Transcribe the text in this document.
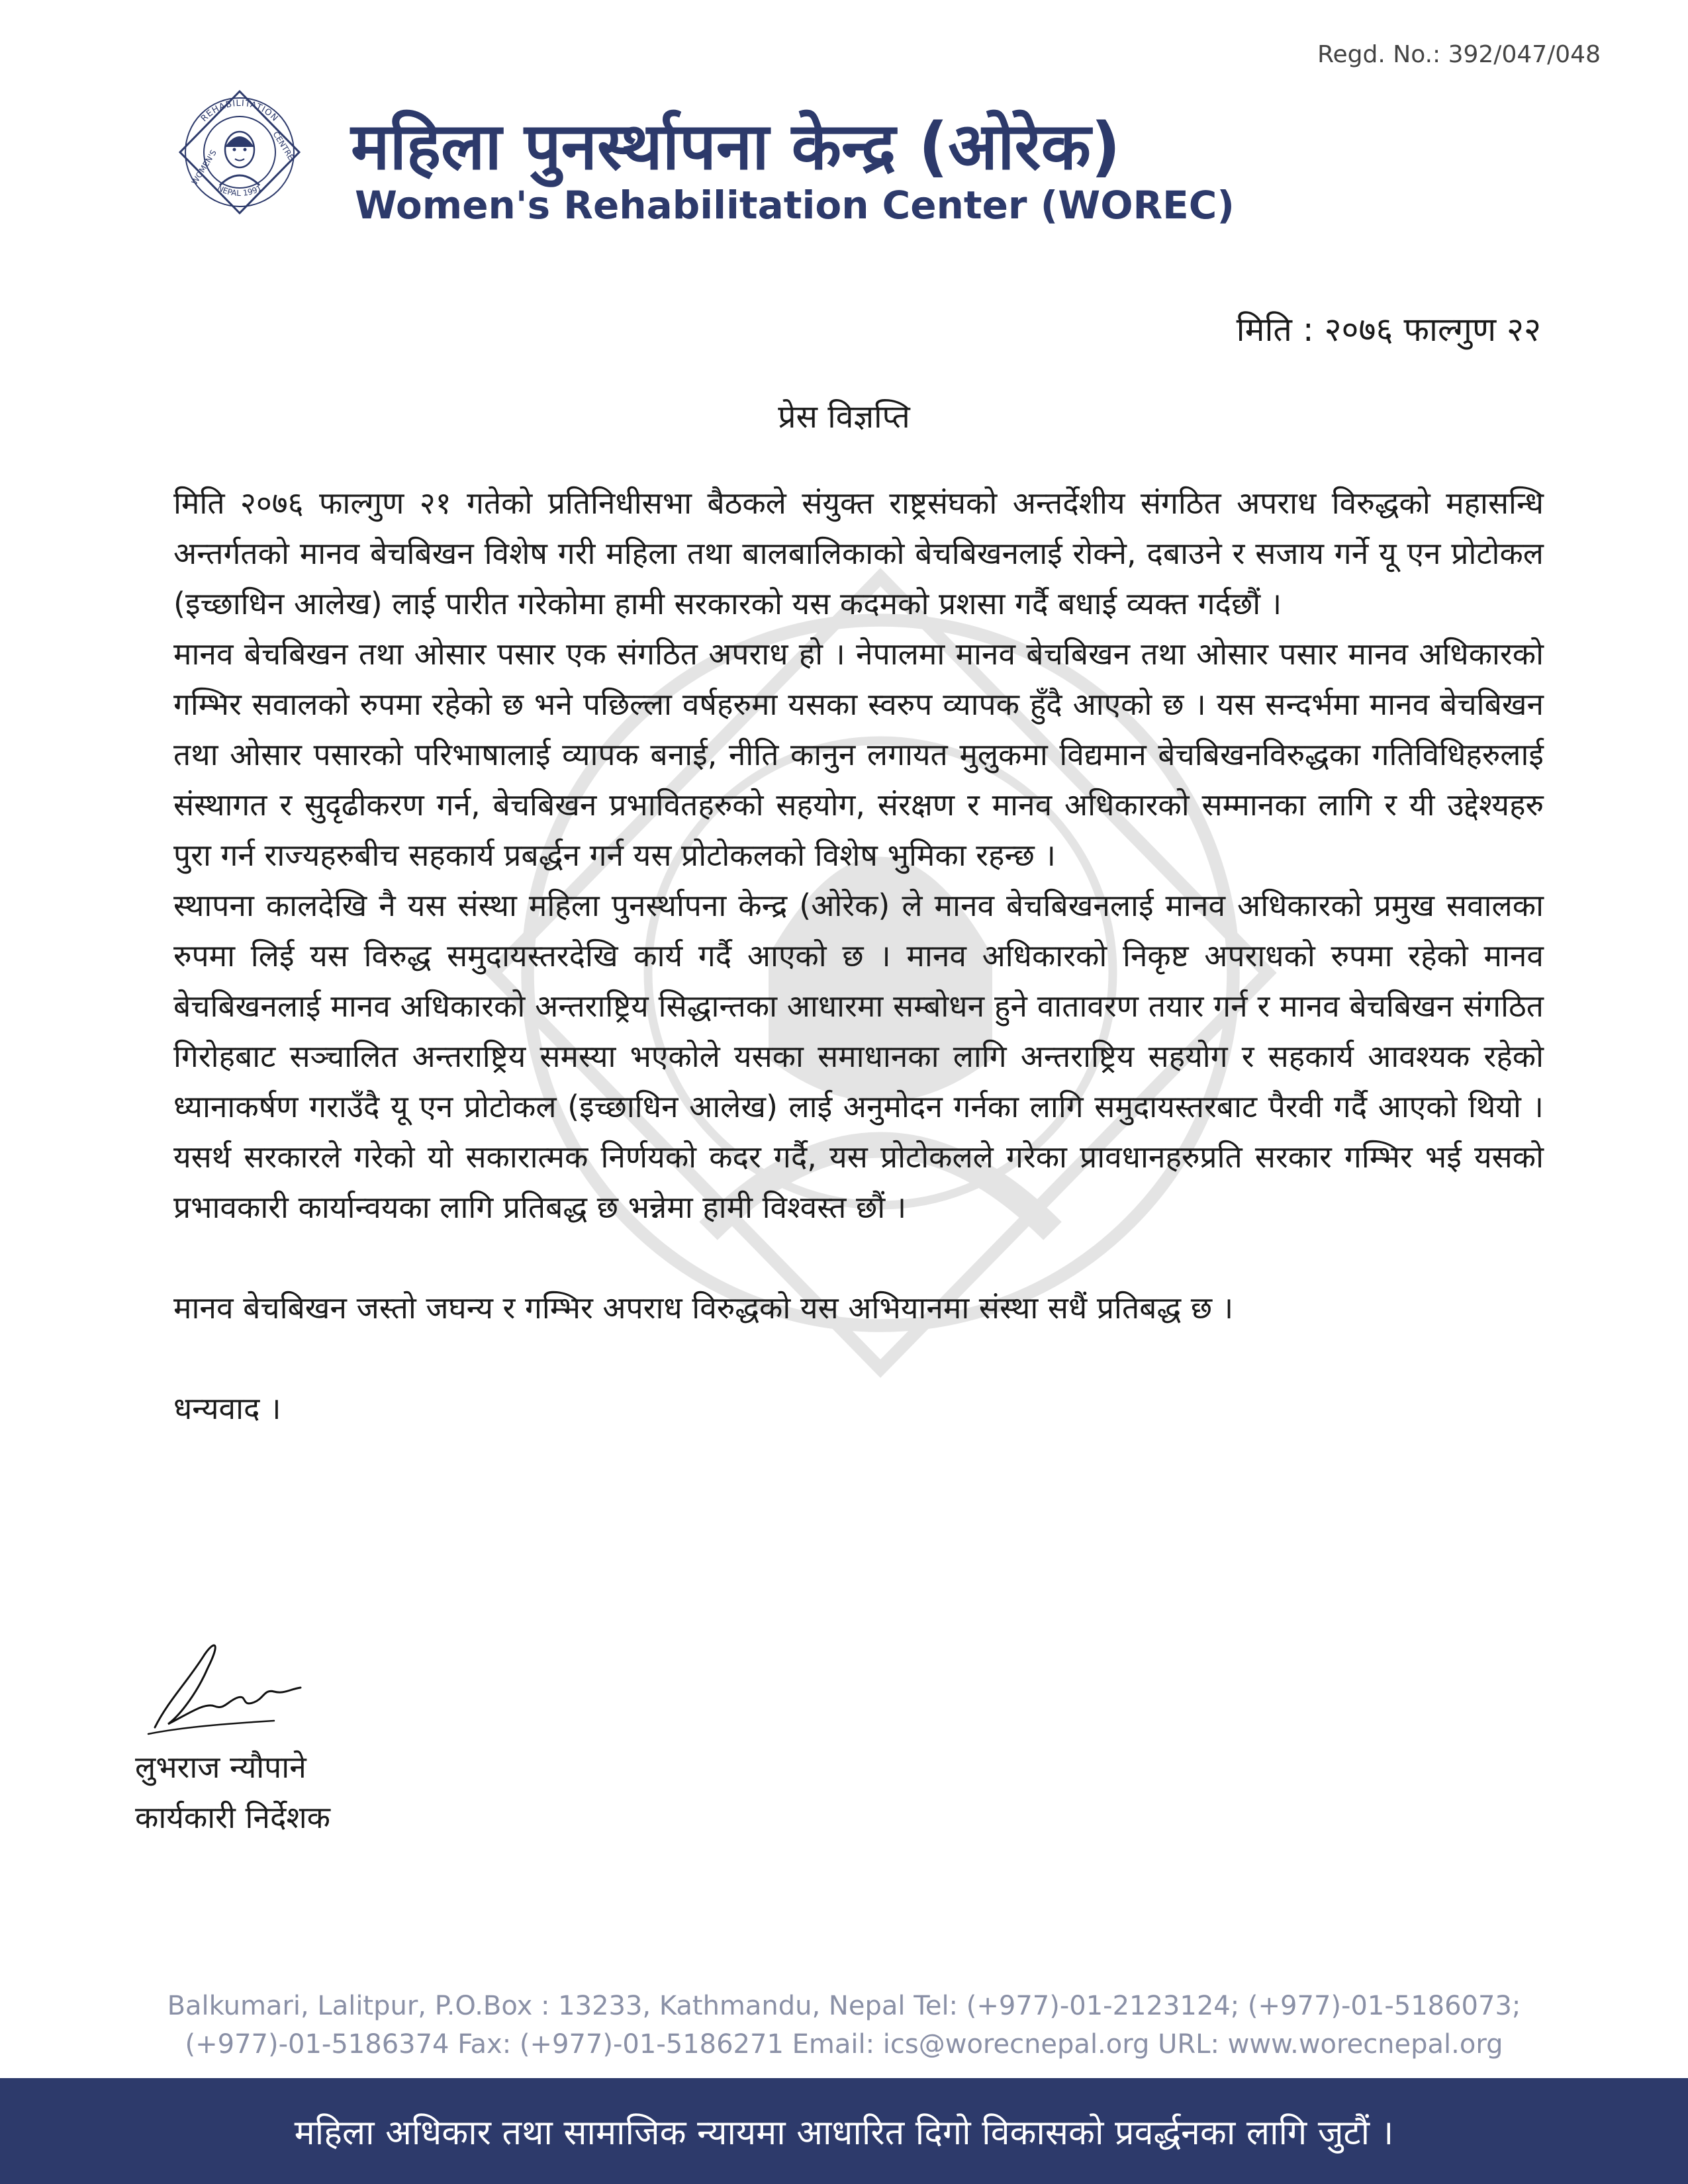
Regd. No.: 392/047/048
REHABILITATION
NEPAL 1991
WOMEN'S
CENTRE महिला पुनर्स्थापना केन्द्र (ओरेक)
Women's Rehabilitation Center (WOREC)
मिति : २०७६ फाल्गुण २२
प्रेस विज्ञप्ति

मिति २०७६ फाल्गुण २१ गतेको प्रतिनिधीसभा बैठकले संयुक्त राष्ट्रसंघको अन्तर्देशीय संगठित अपराध विरुद्धको महासन्धि अन्तर्गतको मानव बेचबिखन विशेष गरी महिला तथा बालबालिकाको बेचबिखनलाई रोक्ने, दबाउने र सजाय गर्ने यू एन प्रोटोकल (इच्छाधिन आलेख) लाई पारीत गरेकोमा हामी सरकारको यस कदमको प्रशसा गर्दै बधाई व्यक्त गर्दछौं ।

मानव बेचबिखन तथा ओसार पसार एक संगठित अपराध हो । नेपालमा मानव बेचबिखन तथा ओसार पसार मानव अधिकारको गम्भिर सवालको रुपमा रहेको छ भने पछिल्ला वर्षहरुमा यसका स्वरुप व्यापक हुँदै आएको छ । यस सन्दर्भमा मानव बेचबिखन तथा ओसार पसारको परिभाषालाई व्यापक बनाई, नीति कानुन लगायत मुलुकमा विद्यमान बेचबिखनविरुद्धका गतिविधिहरुलाई संस्थागत र सुदृढीकरण गर्न, बेचबिखन प्रभावितहरुको सहयोग, संरक्षण र मानव अधिकारको सम्मानका लागि र यी उद्देश्यहरु पुरा गर्न राज्यहरुबीच सहकार्य प्रबर्द्धन गर्न यस प्रोटोकलको विशेष भुमिका रहन्छ ।

स्थापना कालदेखि नै यस संस्था महिला पुनर्स्थापना केन्द्र (ओरेक) ले मानव बेचबिखनलाई मानव अधिकारको प्रमुख सवालका रुपमा लिई यस विरुद्ध समुदायस्तरदेखि कार्य गर्दै आएको छ । मानव अधिकारको निकृष्ट अपराधको रुपमा रहेको मानव बेचबिखनलाई मानव अधिकारको अन्तराष्ट्रिय सिद्धान्तका आधारमा सम्बोधन हुने वातावरण तयार गर्न र मानव बेचबिखन संगठित गिरोहबाट सञ्चालित अन्तराष्ट्रिय समस्या भएकोले यसका समाधानका लागि अन्तराष्ट्रिय सहयोग र सहकार्य आवश्यक रहेको ध्यानाकर्षण गराउँदै यू एन प्रोटोकल (इच्छाधिन आलेख) लाई अनुमोदन गर्नका लागि समुदायस्तरबाट पैरवी गर्दै आएको थियो । यसर्थ सरकारले गरेको यो सकारात्मक निर्णयको कदर गर्दै, यस प्रोटोकलले गरेका प्रावधानहरुप्रति सरकार गम्भिर भई यसको प्रभावकारी कार्यान्वयका लागि प्रतिबद्ध छ भन्नेमा हामी विश्वस्त छौं ।

मानव बेचबिखन जस्तो जघन्य र गम्भिर अपराध विरुद्धको यस अभियानमा संस्था सधैं प्रतिबद्ध छ ।

धन्यवाद ।

लुभराज न्यौपाने
कार्यकारी निर्देशक
Balkumari, Lalitpur, P.O.Box : 13233, Kathmandu, Nepal Tel: (+977)-01-2123124; (+977)-01-5186073;
(+977)-01-5186374 Fax: (+977)-01-5186271 Email: ics@worecnepal.org URL: www.worecnepal.org
महिला अधिकार तथा सामाजिक न्यायमा आधारित दिगो विकासको प्रवर्द्धनका लागि जुटौं ।
